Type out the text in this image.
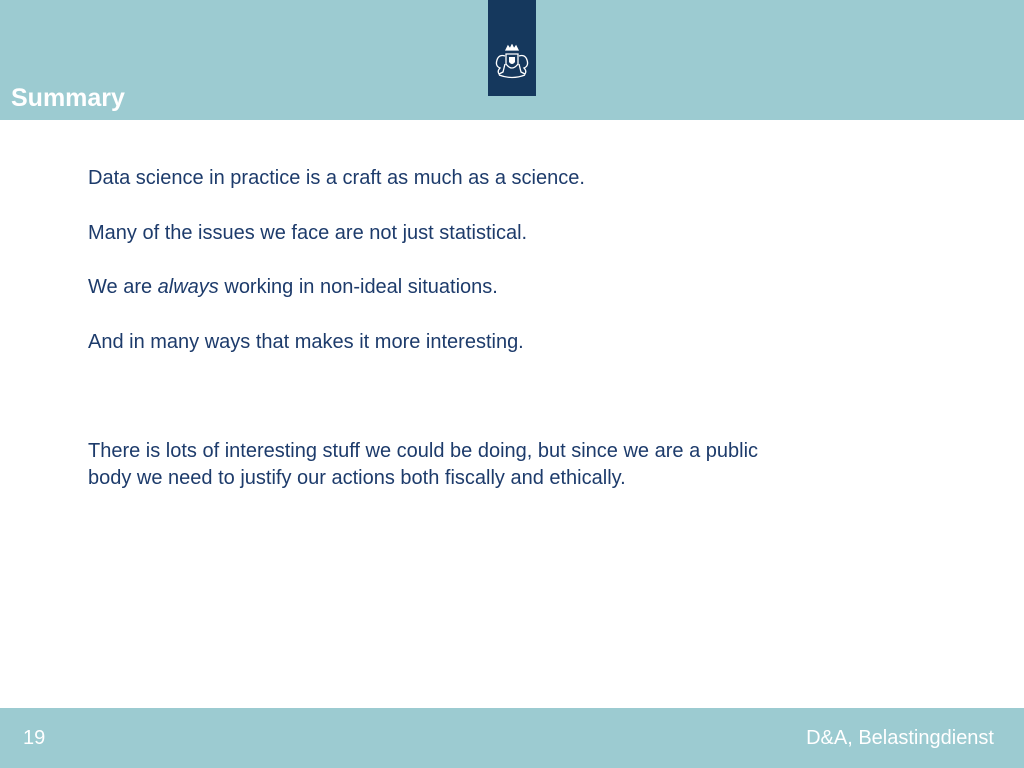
Summary

Data science in practice is a craft as much as a science.

Many of the issues we face are not just statistical.

We are always working in non-ideal situations.

And in many ways that makes it more interesting.

There is lots of interesting stuff we could be doing, but since we are a public

body we need to justify our actions both fiscally and ethically.

19	D&A, Belastingdienst
